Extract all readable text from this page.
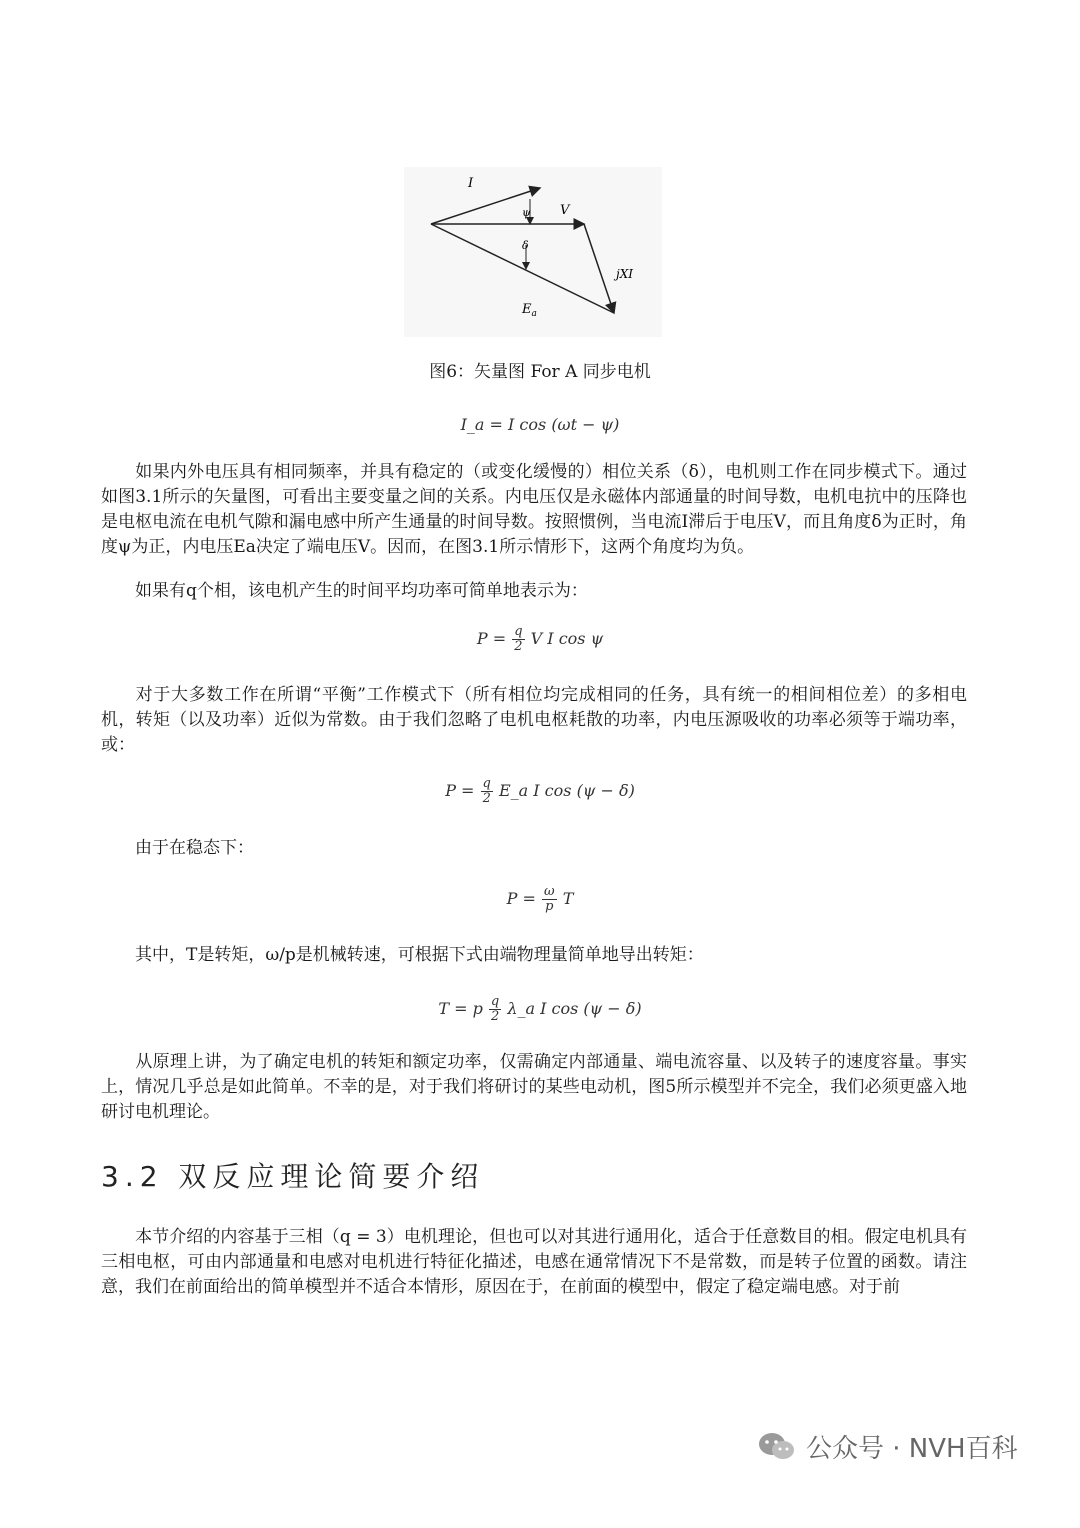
I
ψ V
δ
jXI
$E_a$
图6：矢量图 For A 同步电机
I_a = I cos (ωt − ψ)
如果内外电压具有相同频率，并具有稳定的（或变化缓慢的）相位关系（δ），电机则工作在同步模式下。通过如图3.1所示的矢量图，可看出主要变量之间的关系。内电压仅是永磁体内部通量的时间导数，电机电抗中的压降也是电枢电流在电机气隙和漏电感中所产生通量的时间导数。按照惯例，当电流I滞后于电压V，而且角度δ为正时，角度ψ为正，内电压Ea决定了端电压V。因而，在图3.1所示情形下，这两个角度均为负。
如果有q个相，该电机产生的时间平均功率可简单地表示为：
$P = \frac{q}{2}$ V I cos ψ
对于大多数工作在所谓“平衡”工作模式下（所有相位均完成相同的任务，具有统一的相间相位差）的多相电机，转矩（以及功率）近似为常数。由于我们忽略了电机电枢耗散的功率，内电压源吸收的功率必须等于端功率，或：
$P = \frac{q}{2}$ E_a I cos (ψ − δ)
由于在稳态下：
$P = \frac{\omega}{p}$ T
其中，T是转矩，ω/p是机械转速，可根据下式由端物理量简单地导出转矩：
T = p $\frac{q}{2}$ λ_a I cos (ψ − δ)
从原理上讲，为了确定电机的转矩和额定功率，仅需确定内部通量、端电流容量、以及转子的速度容量。事实上，情况几乎总是如此简单。不幸的是，对于我们将研讨的某些电动机，图5所示模型并不完全，我们必须更盛入地研讨电机理论。
3.2 双反应理论简要介绍
本节介绍的内容基于三相（q = 3）电机理论，但也可以对其进行通用化，适合于任意数目的相。假定电机具有三相电枢，可由内部通量和电感对电机进行特征化描述，电感在通常情况下不是常数，而是转子位置的函数。请注意，我们在前面给出的简单模型并不适合本情形，原因在于，在前面的模型中，假定了稳定端电感。对于前
公众号 · NVH百科
